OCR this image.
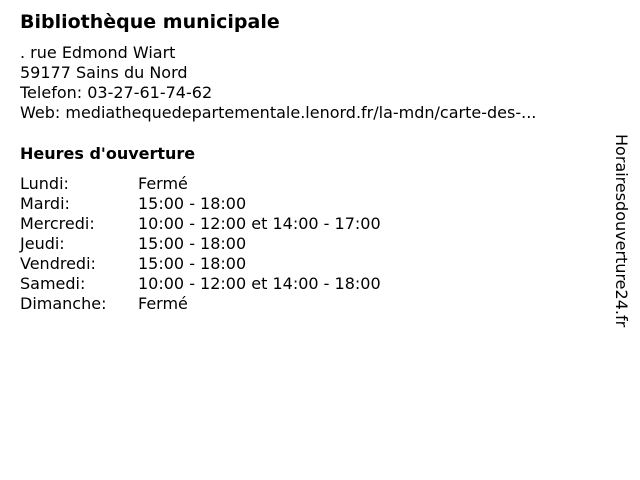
Bibliothèque municipale
. rue Edmond Wiart
59177 Sains du Nord
Telefon: 03-27-61-74-62
Web: mediathequedepartementale.lenord.fr/la-mdn/carte-des-...
Heures d'ouverture
Lundi:	Fermé
Mardi:	15:00 - 18:00
Mercredi:	10:00 - 12:00 et 14:00 - 17:00
Jeudi:	15:00 - 18:00
Vendredi:	15:00 - 18:00
Samedi:	10:00 - 12:00 et 14:00 - 18:00
Dimanche:	Fermé	Horairesdouverture24.fr
